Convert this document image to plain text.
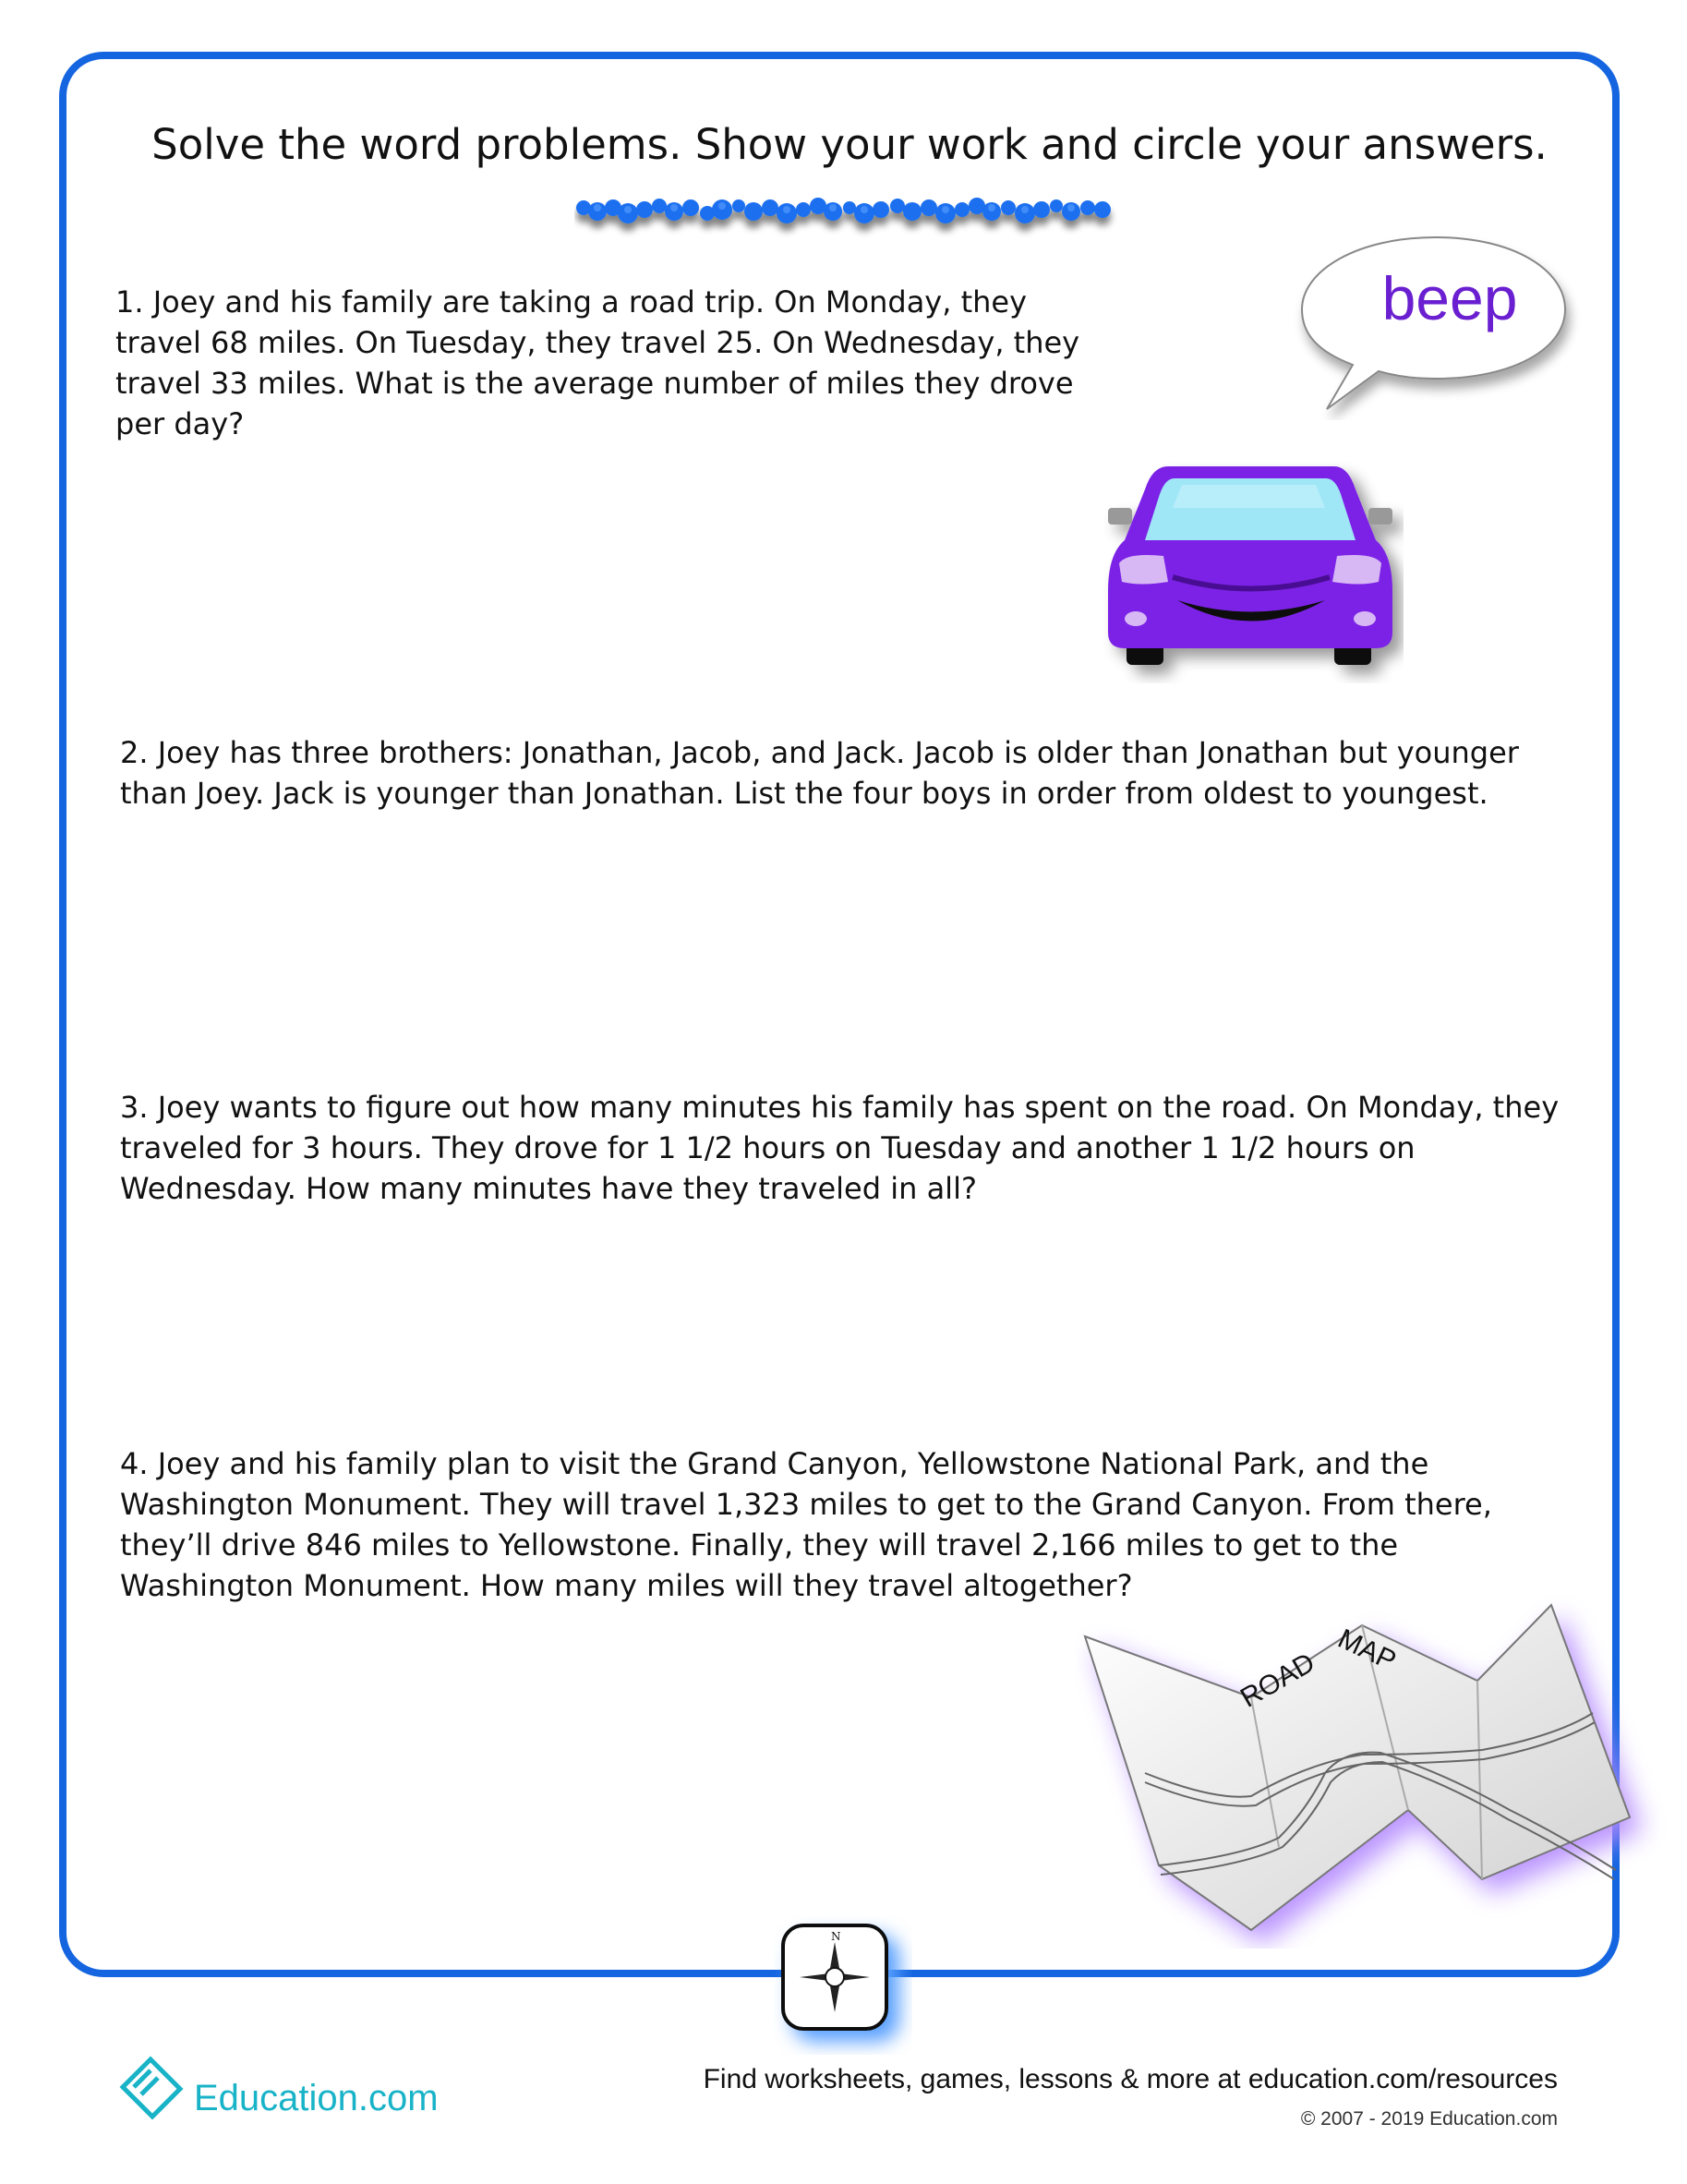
Solve the word problems. Show your work and circle your answers.

1. Joey and his family are taking a road trip. On Monday, they travel 68 miles. On Tuesday, they travel 25. On Wednesday, they travel 33 miles. What is the average number of miles they drove per day?

2. Joey has three brothers: Jonathan, Jacob, and Jack. Jacob is older than Jonathan but younger than Joey. Jack is younger than Jonathan. List the four boys in order from oldest to youngest.

3. Joey wants to figure out how many minutes his family has spent on the road. On Monday, they traveled for 3 hours. They drove for 1 1/2 hours on Tuesday and another 1 1/2 hours on Wednesday. How many minutes have they traveled in all?

4. Joey and his family plan to visit the Grand Canyon, Yellowstone National Park, and the Washington Monument. They will travel 1,323 miles to get to the Grand Canyon. From there, they’ll drive 846 miles to Yellowstone. Finally, they will travel 2,166 miles to get to the Washington Monument. How many miles will they travel altogether?

beep
ROAD MAP
N

Education.com	Find worksheets, games, lessons & more at education.com/resources

© 2007 - 2019 Education.com
